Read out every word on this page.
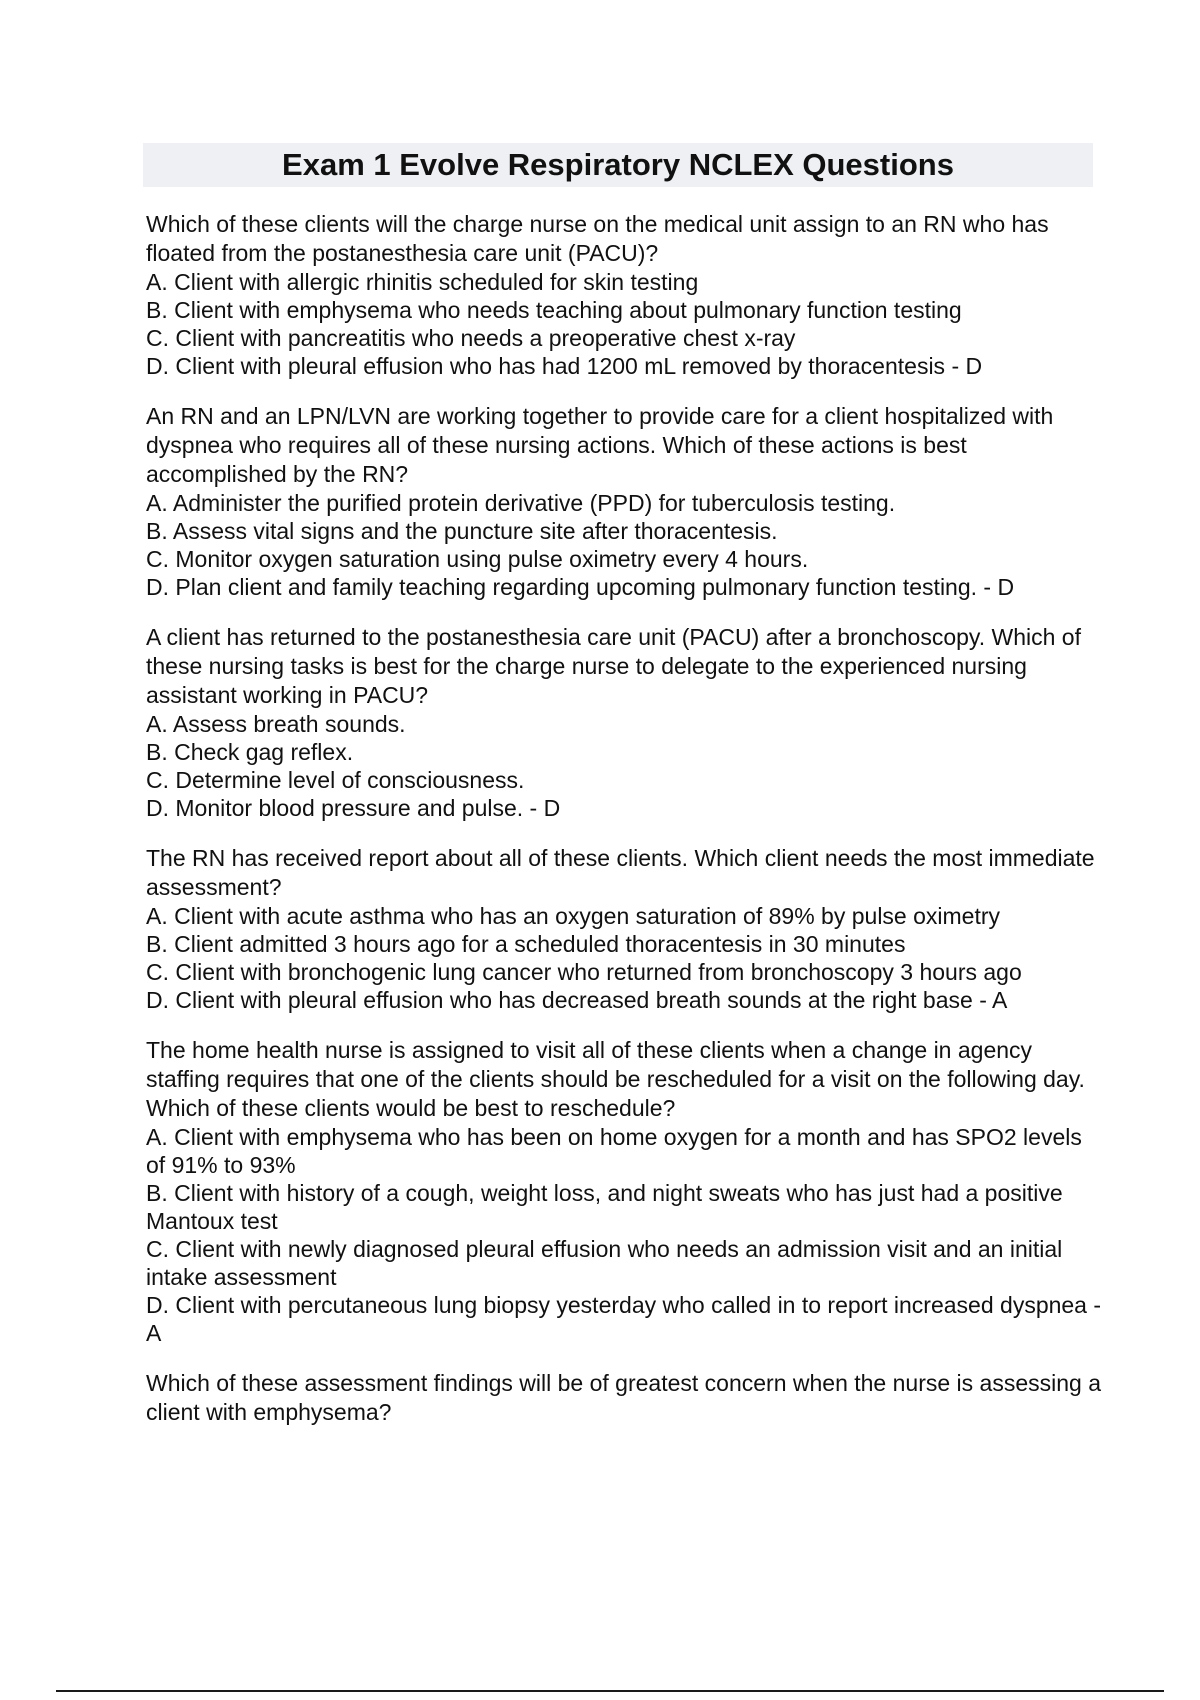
Exam 1 Evolve Respiratory NCLEX Questions

Which of these clients will the charge nurse on the medical unit assign to an RN who has floated from the postanesthesia care unit (PACU)?

A. Client with allergic rhinitis scheduled for skin testing
B. Client with emphysema who needs teaching about pulmonary function testing
C. Client with pancreatitis who needs a preoperative chest x-ray
D. Client with pleural effusion who has had 1200 mL removed by thoracentesis - D

An RN and an LPN/LVN are working together to provide care for a client hospitalized with dyspnea who requires all of these nursing actions. Which of these actions is best accomplished by the RN?

A. Administer the purified protein derivative (PPD) for tuberculosis testing.
B. Assess vital signs and the puncture site after thoracentesis.
C. Monitor oxygen saturation using pulse oximetry every 4 hours.
D. Plan client and family teaching regarding upcoming pulmonary function testing. - D

A client has returned to the postanesthesia care unit (PACU) after a bronchoscopy. Which of these nursing tasks is best for the charge nurse to delegate to the experienced nursing assistant working in PACU?

A. Assess breath sounds.
B. Check gag reflex.
C. Determine level of consciousness.
D. Monitor blood pressure and pulse. - D

The RN has received report about all of these clients. Which client needs the most immediate assessment?

A. Client with acute asthma who has an oxygen saturation of 89% by pulse oximetry
B. Client admitted 3 hours ago for a scheduled thoracentesis in 30 minutes
C. Client with bronchogenic lung cancer who returned from bronchoscopy 3 hours ago
D. Client with pleural effusion who has decreased breath sounds at the right base - A

The home health nurse is assigned to visit all of these clients when a change in agency staffing requires that one of the clients should be rescheduled for a visit on the following day. Which of these clients would be best to reschedule?

A. Client with emphysema who has been on home oxygen for a month and has SPO2 levels of 91% to 93%
B. Client with history of a cough, weight loss, and night sweats who has just had a positive Mantoux test
C. Client with newly diagnosed pleural effusion who needs an admission visit and an initial intake assessment
D. Client with percutaneous lung biopsy yesterday who called in to report increased dyspnea - A

Which of these assessment findings will be of greatest concern when the nurse is assessing a client with emphysema?
